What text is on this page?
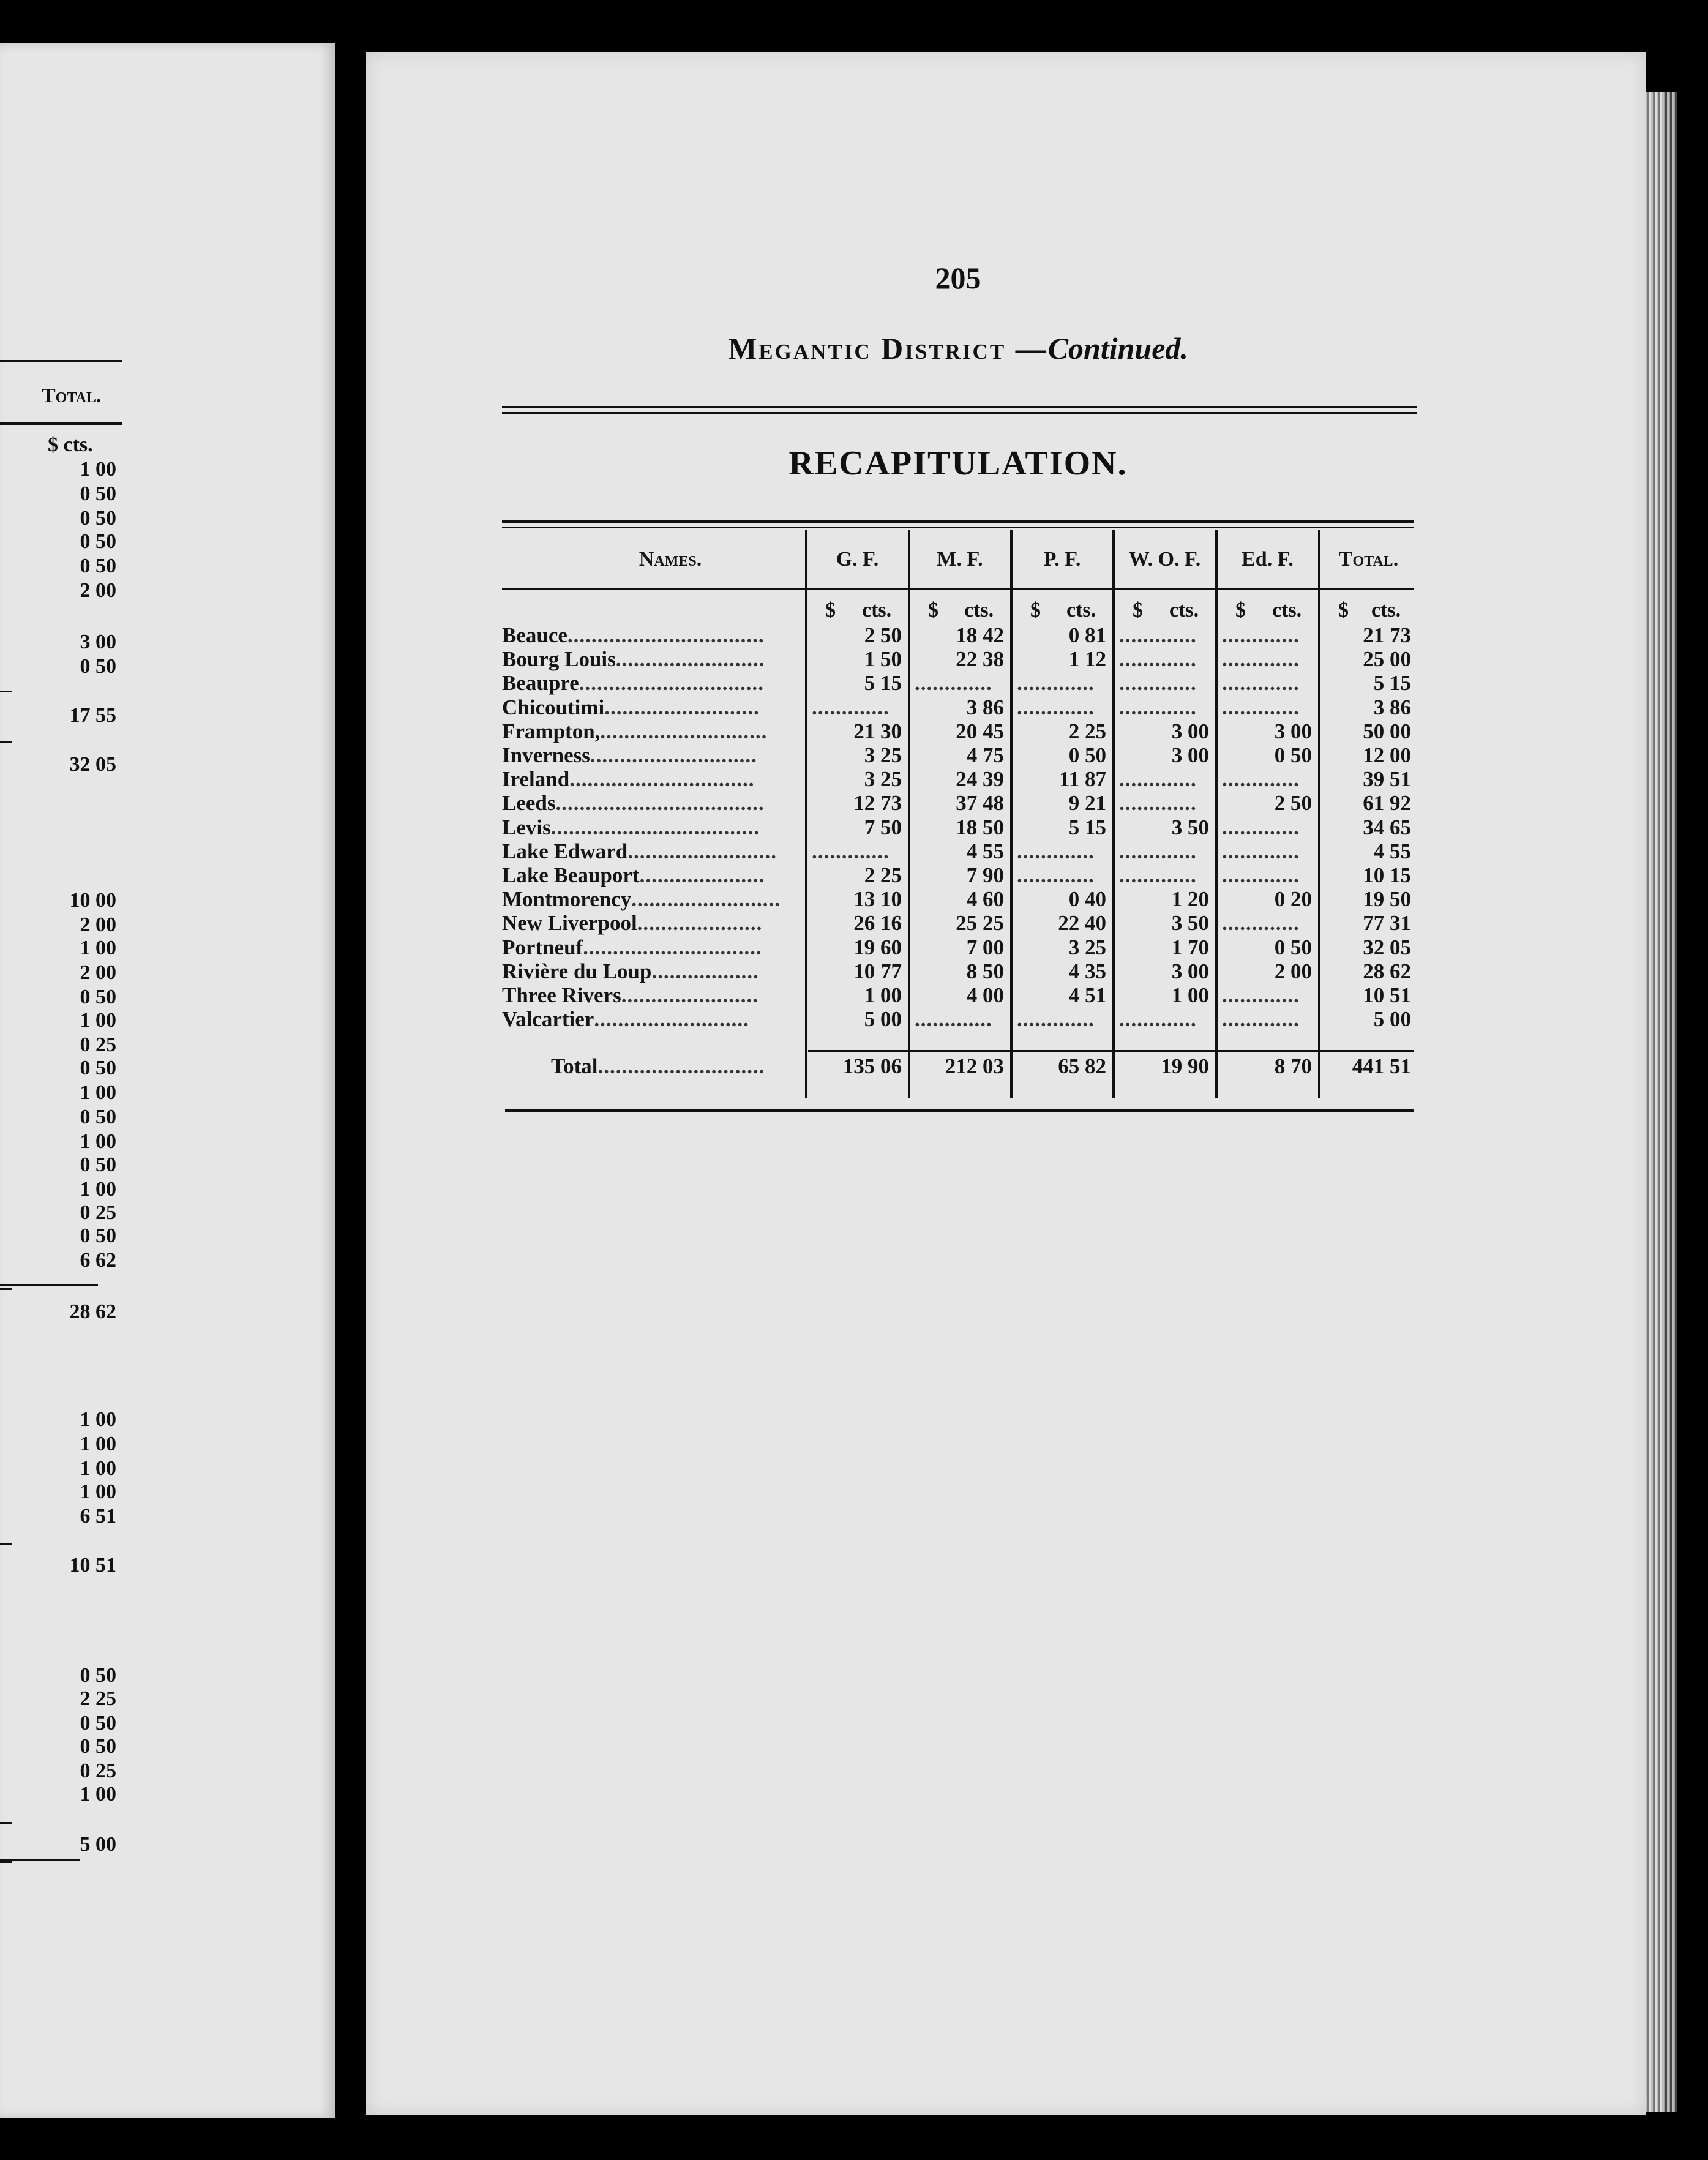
Total.
$ cts.
1 00
0 50
0 50
0 50
0 50
2 00
3 00
0 50
17 55
32 05
10 00
2 00
1 00
2 00
0 50
1 00
0 25
0 50
1 00
0 50
1 00
0 50
1 00
0 25
0 50
6 62
28 62
1 00
1 00
1 00
1 00
6 51
10 51
0 50
2 25
0 50
0 50
0 25
1 00
5 00
205
Megantic District —Continued.
RECAPITULATION.
Names.	G. F.	M. F.	P. F.	W. O. F.	Ed. F.	Total.
$ cts. $ cts. $ cts. $ cts. $ cts. $ cts.
Beauce.................................	2 50	18 42	0 81 .............	.............	21 73
Bourg Louis.........................	1 50	22 38	1 12 .............	.............	25 00
Beaupre...............................	5 15 .............	.............	.............	.............	5 15
Chicoutimi.......................... .............	3 86 .............	.............	.............	3 86
Frampton,............................	21 30	20 45	2 25	3 00	3 00	50 00
Inverness............................	3 25	4 75	0 50	3 00	0 50	12 00
Ireland...............................	3 25	24 39	11 87 .............	.............	39 51
Leeds...................................	12 73	37 48	9 21 .............	2 50	61 92
Levis...................................	7 50	18 50	5 15	3 50 .............	34 65
Lake Edward......................... .............	4 55 .............	.............	.............	4 55
Lake Beauport.....................	2 25	7 90 .............	.............	.............	10 15
Montmorency.........................	13 10	4 60	0 40	1 20	0 20	19 50
New Liverpool.....................	26 16	25 25	22 40	3 50 .............	77 31
Portneuf..............................	19 60	7 00	3 25	1 70	0 50	32 05
Rivière du Loup..................	10 77	8 50	4 35	3 00	2 00	28 62
Three Rivers.......................	1 00	4 00	4 51	1 00 .............	10 51
Valcartier..........................	5 00 .............	.............	.............	.............	5 00
Total............................	135 06	212 03	65 82	19 90	8 70	441 51
